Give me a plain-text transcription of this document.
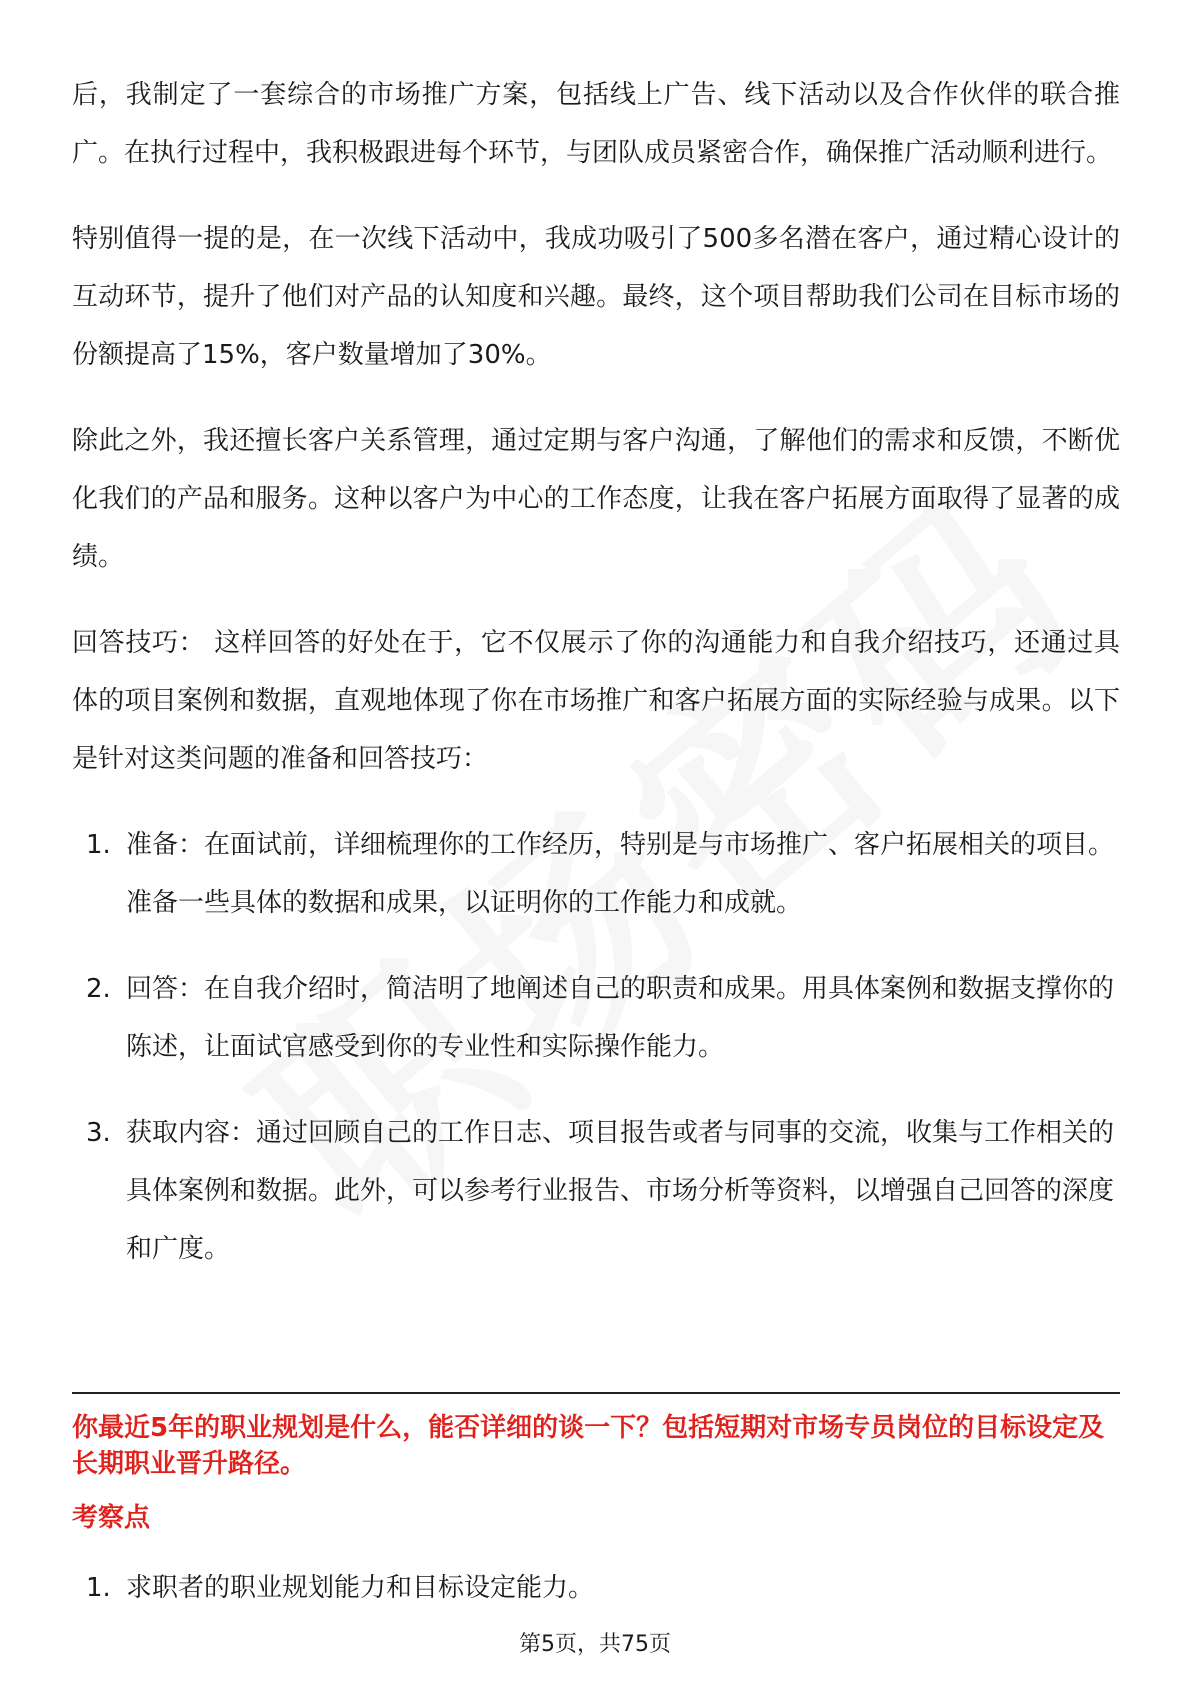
后，我制定了一套综合的市场推广方案，包括线上广告、线下活动以及合作伙伴的联合推广。在执行过程中，我积极跟进每个环节，与团队成员紧密合作，确保推广活动顺利进行。

特别值得一提的是，在一次线下活动中，我成功吸引了500多名潜在客户，通过精心设计的互动环节，提升了他们对产品的认知度和兴趣。最终，这个项目帮助我们公司在目标市场的份额提高了15%，客户数量增加了30%。

除此之外，我还擅长客户关系管理，通过定期与客户沟通，了解他们的需求和反馈，不断优化我们的产品和服务。这种以客户为中心的工作态度，让我在客户拓展方面取得了显著的成绩。

回答技巧： 这样回答的好处在于，它不仅展示了你的沟通能力和自我介绍技巧，还通过具体的项目案例和数据，直观地体现了你在市场推广和客户拓展方面的实际经验与成果。以下是针对这类问题的准备和回答技巧：

1. 准备：在面试前，详细梳理你的工作经历，特别是与市场推广、客户拓展相关的项目。准备一些具体的数据和成果，以证明你的工作能力和成就。
2. 回答：在自我介绍时，简洁明了地阐述自己的职责和成果。用具体案例和数据支撑你的陈述，让面试官感受到你的专业性和实际操作能力。
3. 获取内容：通过回顾自己的工作日志、项目报告或者与同事的交流，收集与工作相关的具体案例和数据。此外，可以参考行业报告、市场分析等资料，以增强自己回答的深度和广度。

你最近5年的职业规划是什么，能否详细的谈一下？包括短期对市场专员岗位的目标设定及长期职业晋升路径。

考察点

1. 求职者的职业规划能力和目标设定能力。
第5页，共75页
